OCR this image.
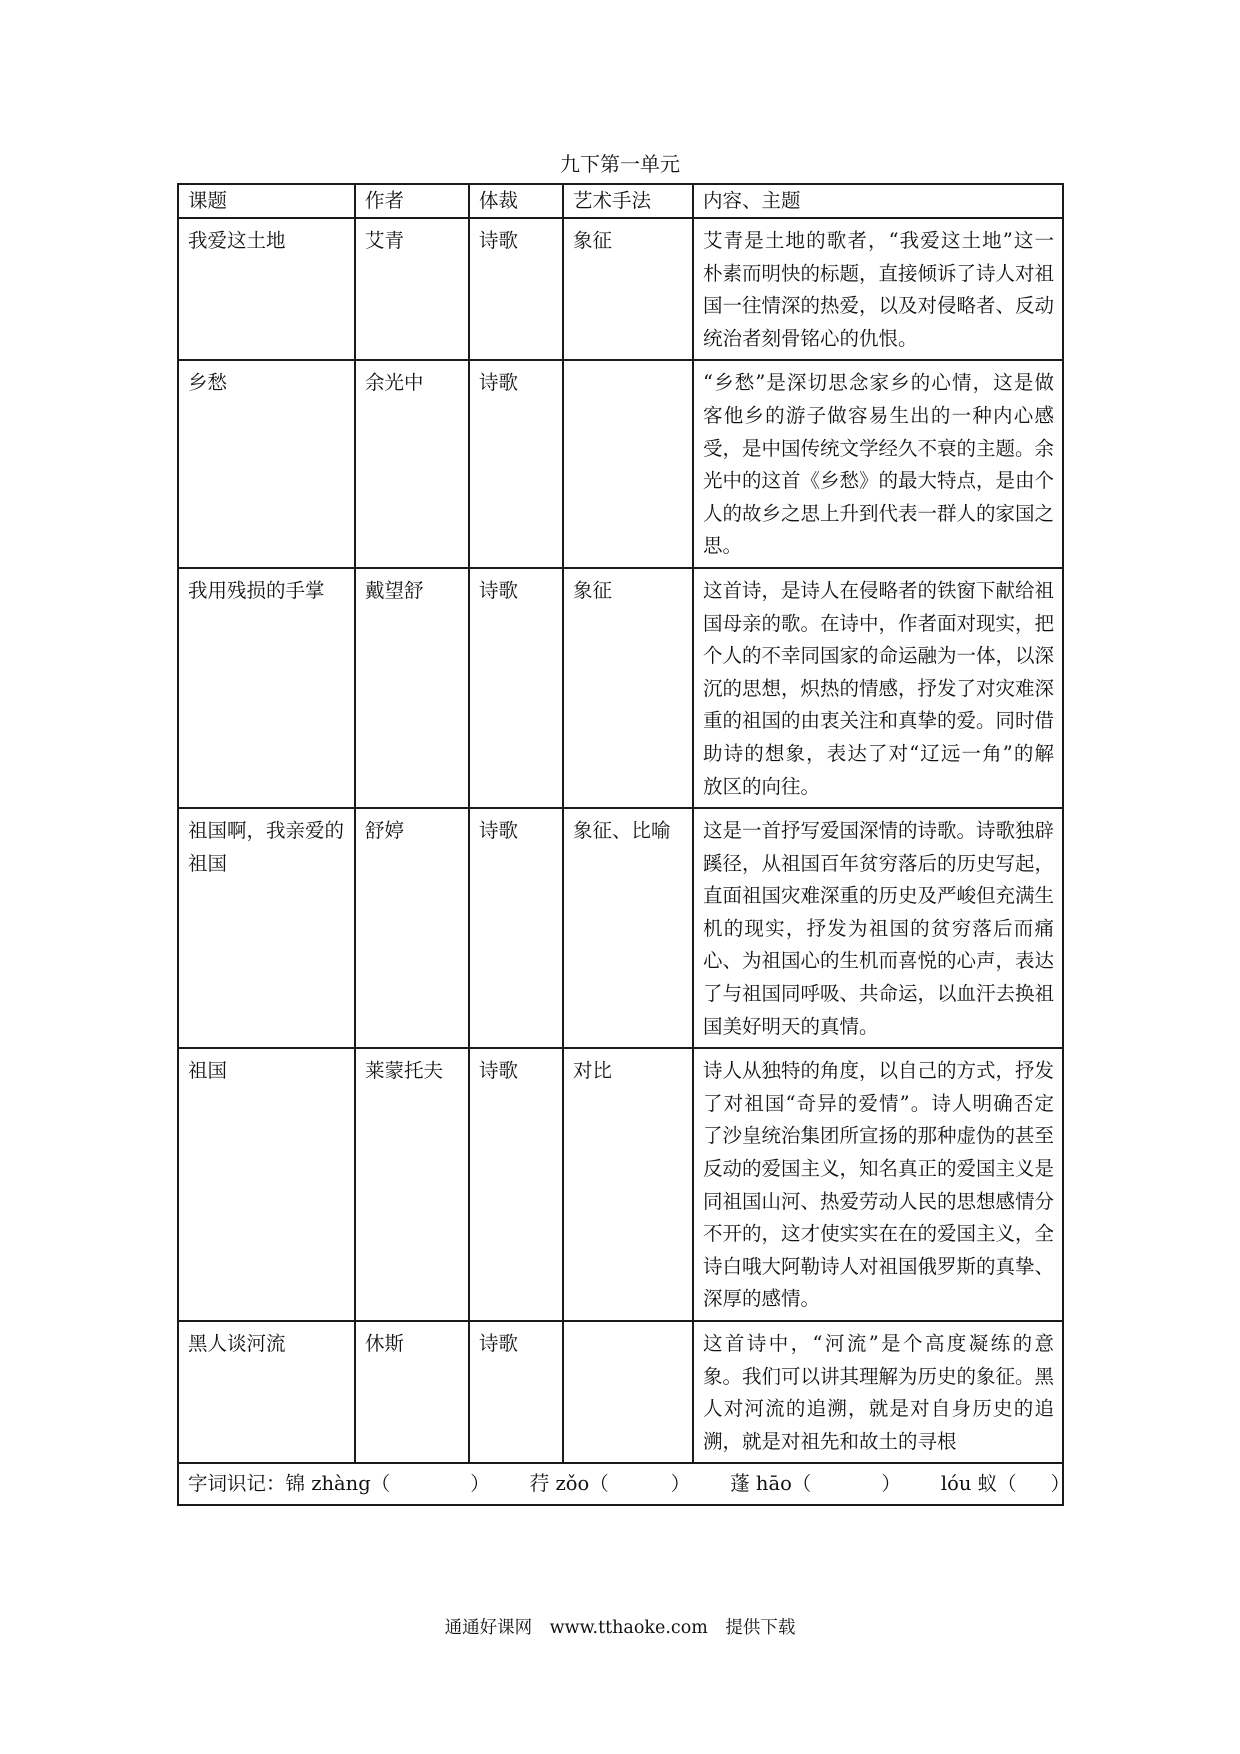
九下第一单元
课题	作者	体裁	艺术手法	内容、主题
我爱这土地	艾青	诗歌	象征	艾青是土地的歌者，“我爱这土地”这一朴素而明快的标题，直接倾诉了诗人对祖国一往情深的热爱，以及对侵略者、反动统治者刻骨铭心的仇恨。
乡愁	余光中	诗歌		“乡愁”是深切思念家乡的心情，这是做客他乡的游子做容易生出的一种内心感受，是中国传统文学经久不衰的主题。余光中的这首《乡愁》的最大特点，是由个人的故乡之思上升到代表一群人的家国之思。
我用残损的手掌	戴望舒	诗歌	象征	这首诗，是诗人在侵略者的铁窗下献给祖国母亲的歌。在诗中，作者面对现实，把个人的不幸同国家的命运融为一体，以深沉的思想，炽热的情感，抒发了对灾难深重的祖国的由衷关注和真挚的爱。同时借助诗的想象，表达了对“辽远一角”的解放区的向往。
祖国啊，我亲爱的祖国	舒婷	诗歌	象征、比喻	这是一首抒写爱国深情的诗歌。诗歌独辟蹊径，从祖国百年贫穷落后的历史写起，直面祖国灾难深重的历史及严峻但充满生机的现实，抒发为祖国的贫穷落后而痛心、为祖国心的生机而喜悦的心声，表达了与祖国同呼吸、共命运，以血汗去换祖国美好明天的真情。
祖国	莱蒙托夫	诗歌	对比	诗人从独特的角度，以自己的方式，抒发了对祖国“奇异的爱情”。诗人明确否定了沙皇统治集团所宣扬的那种虚伪的甚至反动的爱国主义，知名真正的爱国主义是同祖国山河、热爱劳动人民的思想感情分不开的，这才使实实在在的爱国主义，全诗白哦大阿勒诗人对祖国俄罗斯的真挚、深厚的感情。
黑人谈河流	休斯	诗歌		这首诗中，“河流”是个高度凝练的意象。我们可以讲其理解为历史的象征。黑人对河流的追溯，就是对自身历史的追溯，就是对祖先和故土的寻根
字词识记：锦 zhàng（ ） 荇 zǒo（ ） 蓬 hāo（ ） lóu 蚁（ ）				
通通好课网 www.tthaoke.com 提供下载
